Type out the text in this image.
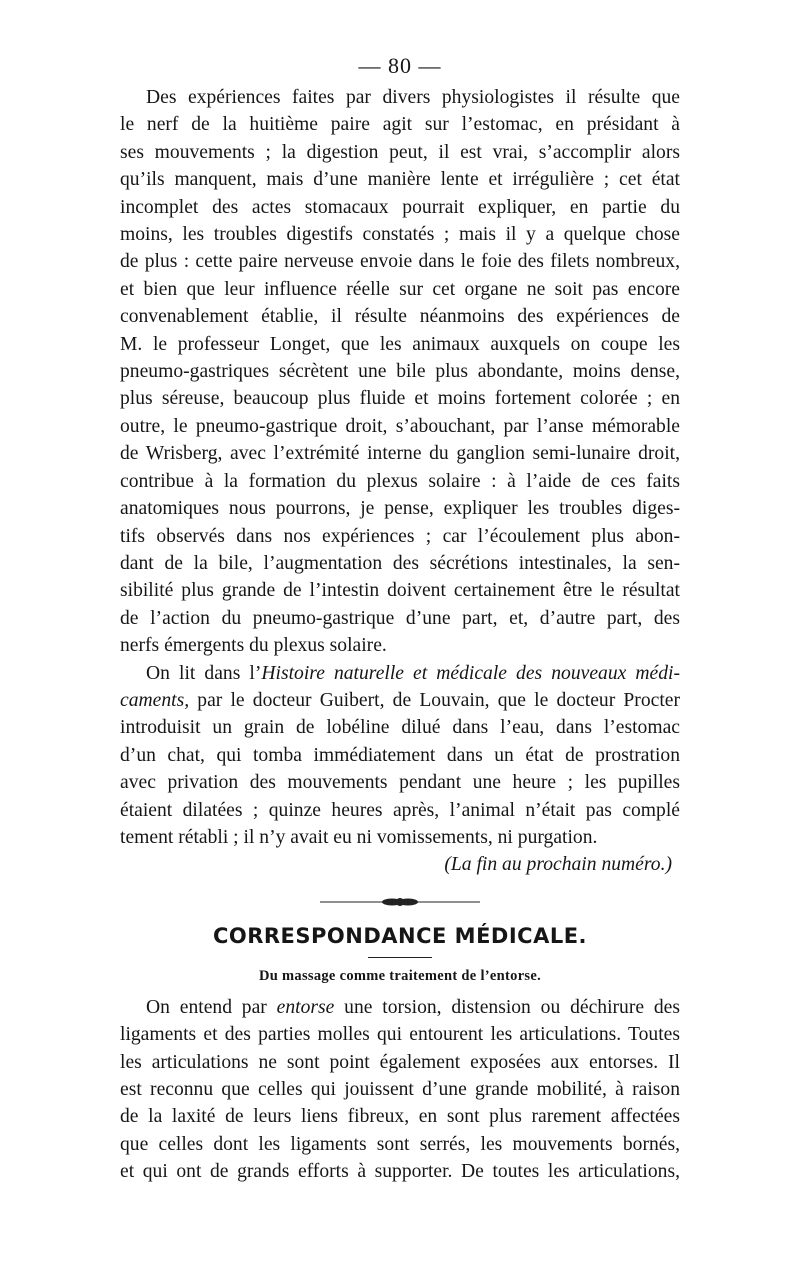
— 80 —
Des expériences faites par divers physiologistes il résulte que
le nerf de la huitième paire agit sur l’estomac, en présidant à
ses mouvements ; la digestion peut, il est vrai, s’accomplir alors
qu’ils manquent, mais d’une manière lente et irrégulière ; cet état
incomplet des actes stomacaux pourrait expliquer, en partie du
moins, les troubles digestifs constatés ; mais il y a quelque chose
de plus : cette paire nerveuse envoie dans le foie des filets nombreux,
et bien que leur influence réelle sur cet organe ne soit pas encore
convenablement établie, il résulte néanmoins des expériences de
M. le professeur Longet, que les animaux auxquels on coupe les
pneumo-gastriques sécrètent une bile plus abondante, moins dense,
plus séreuse, beaucoup plus fluide et moins fortement colorée ; en
outre, le pneumo-gastrique droit, s’abouchant, par l’anse mémorable
de Wrisberg, avec l’extrémité interne du ganglion semi-lunaire droit,
contribue à la formation du plexus solaire : à l’aide de ces faits
anatomiques nous pourrons, je pense, expliquer les troubles diges-
tifs observés dans nos expériences ; car l’écoulement plus abon-
dant de la bile, l’augmentation des sécrétions intestinales, la sen-
sibilité plus grande de l’intestin doivent certainement être le résultat
de l’action du pneumo-gastrique d’une part, et, d’autre part, des
nerfs émergents du plexus solaire.
On lit dans l’Histoire naturelle et médicale des nouveaux médi-
caments, par le docteur Guibert, de Louvain, que le docteur Procter
introduisit un grain de lobéline dilué dans l’eau, dans l’estomac
d’un chat, qui tomba immédiatement dans un état de prostration
avec privation des mouvements pendant une heure ; les pupilles
étaient dilatées ; quinze heures après, l’animal n’était pas complé
tement rétabli ; il n’y avait eu ni vomissements, ni purgation.
(La fin au prochain numéro.)
CORRESPONDANCE MÉDICALE.
Du massage comme traitement de l’entorse.
On entend par entorse une torsion, distension ou déchirure des
ligaments et des parties molles qui entourent les articulations. Toutes
les articulations ne sont point également exposées aux entorses. Il
est reconnu que celles qui jouissent d’une grande mobilité, à raison
de la laxité de leurs liens fibreux, en sont plus rarement affectées
que celles dont les ligaments sont serrés, les mouvements bornés,
et qui ont de grands efforts à supporter. De toutes les articulations,
